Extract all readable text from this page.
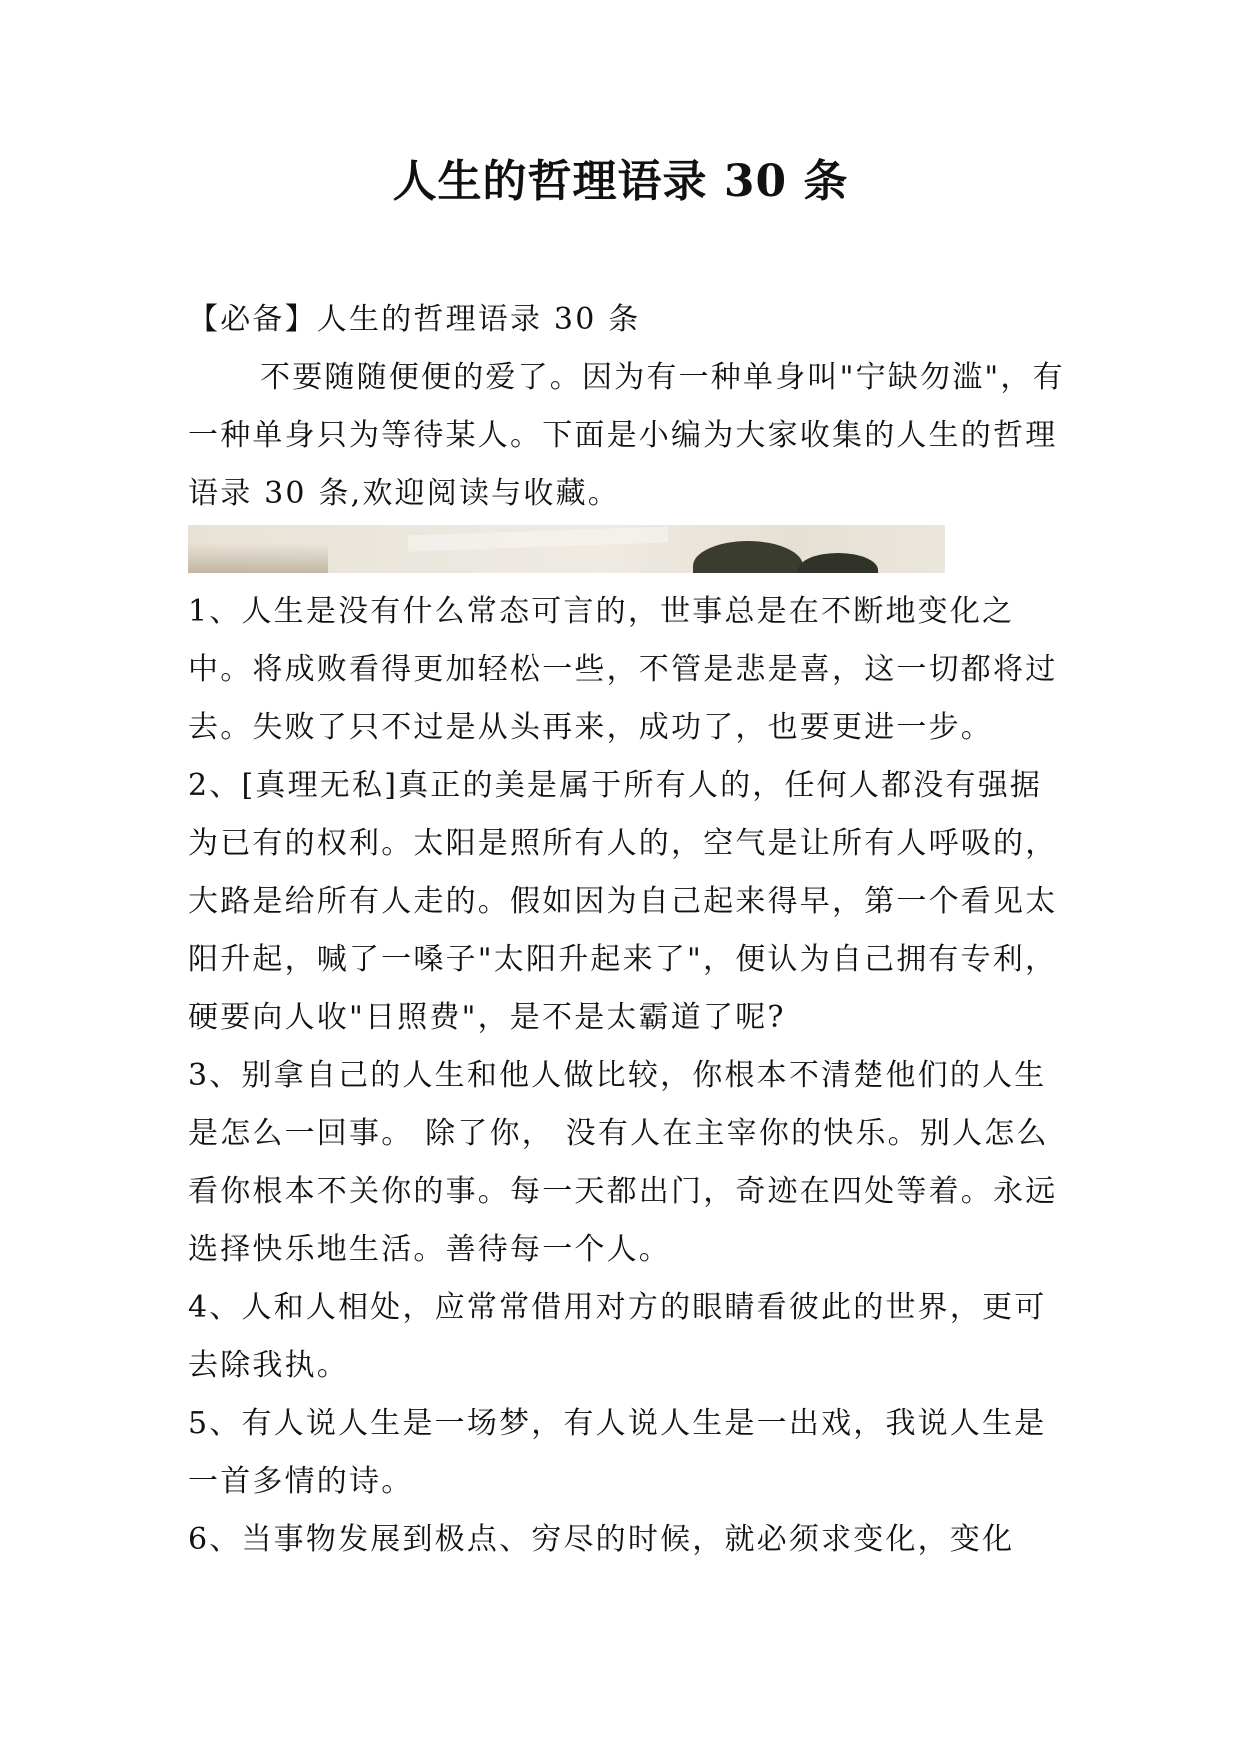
人生的哲理语录 30 条

【必备】人生的哲理语录 30 条

不要随随便便的爱了。因为有一种单身叫"宁缺勿滥"，有一种单身只为等待某人。下面是小编为大家收集的人生的哲理语录 30 条,欢迎阅读与收藏。

1、人生是没有什么常态可言的，世事总是在不断地变化之中。将成败看得更加轻松一些，不管是悲是喜，这一切都将过去。失败了只不过是从头再来，成功了，也要更进一步。

2、[真理无私]真正的美是属于所有人的，任何人都没有强据为已有的权利。太阳是照所有人的，空气是让所有人呼吸的，大路是给所有人走的。假如因为自己起来得早，第一个看见太阳升起，喊了一嗓子"太阳升起来了"，便认为自己拥有专利，硬要向人收"日照费"，是不是太霸道了呢?

3、别拿自己的人生和他人做比较，你根本不清楚他们的人生是怎么一回事。 除了你， 没有人在主宰你的快乐。别人怎么看你根本不关你的事。每一天都出门，奇迹在四处等着。永远选择快乐地生活。善待每一个人。

4、人和人相处，应常常借用对方的眼睛看彼此的世界，更可去除我执。

5、有人说人生是一场梦，有人说人生是一出戏，我说人生是一首多情的诗。

6、当事物发展到极点、穷尽的时候，就必须求变化，变化
